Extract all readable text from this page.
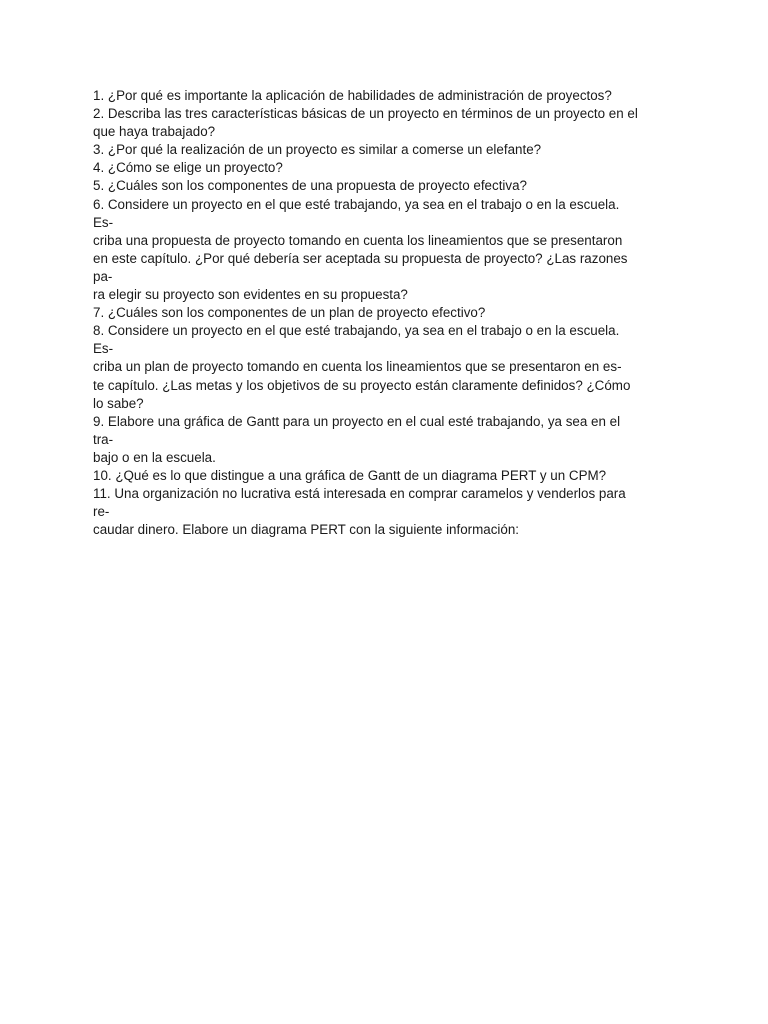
1. ¿Por qué es importante la aplicación de habilidades de administración de proyectos?
2. Describa las tres características básicas de un proyecto en términos de un proyecto en el
que haya trabajado?
3. ¿Por qué la realización de un proyecto es similar a comerse un elefante?
4. ¿Cómo se elige un proyecto?
5. ¿Cuáles son los componentes de una propuesta de proyecto efectiva?
6. Considere un proyecto en el que esté trabajando, ya sea en el trabajo o en la escuela.
Es-
criba una propuesta de proyecto tomando en cuenta los lineamientos que se presentaron
en este capítulo. ¿Por qué debería ser aceptada su propuesta de proyecto? ¿Las razones
pa-
ra elegir su proyecto son evidentes en su propuesta?
7. ¿Cuáles son los componentes de un plan de proyecto efectivo?
8. Considere un proyecto en el que esté trabajando, ya sea en el trabajo o en la escuela.
Es-
criba un plan de proyecto tomando en cuenta los lineamientos que se presentaron en es-
te capítulo. ¿Las metas y los objetivos de su proyecto están claramente definidos? ¿Cómo
lo sabe?
9. Elabore una gráfica de Gantt para un proyecto en el cual esté trabajando, ya sea en el
tra-
bajo o en la escuela.
10. ¿Qué es lo que distingue a una gráfica de Gantt de un diagrama PERT y un CPM?
11. Una organización no lucrativa está interesada en comprar caramelos y venderlos para
re-
caudar dinero. Elabore un diagrama PERT con la siguiente información:
